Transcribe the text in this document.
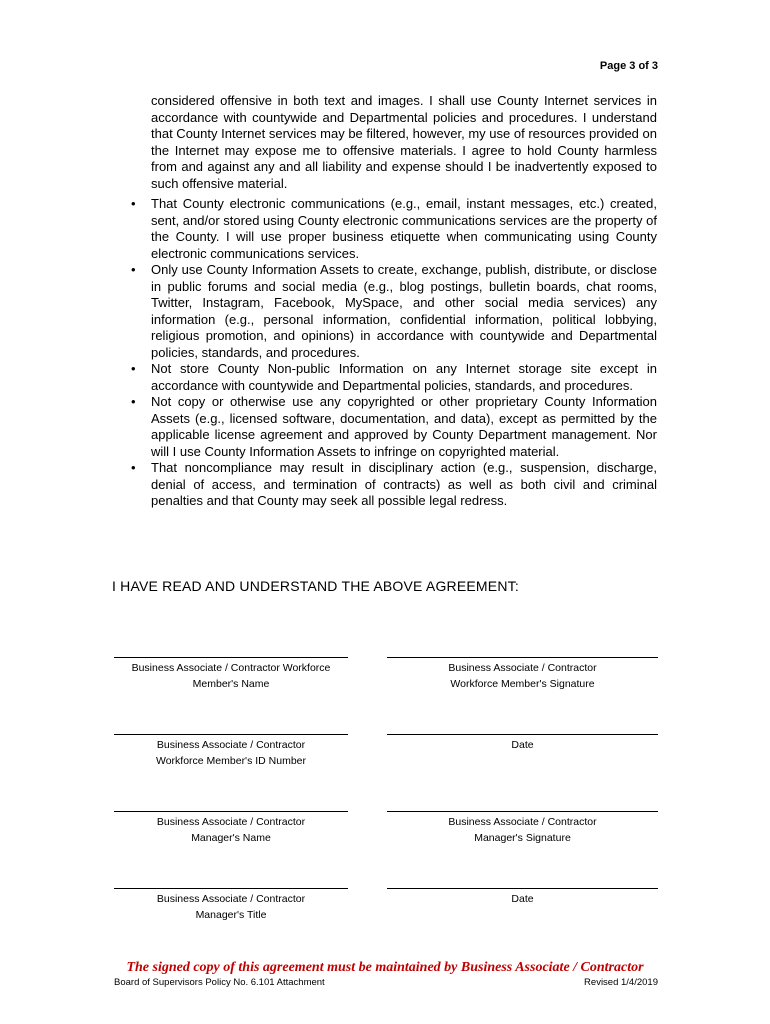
Page 3 of 3

considered offensive in both text and images. I shall use County Internet services in accordance with countywide and Departmental policies and procedures. I understand that County Internet services may be filtered, however, my use of resources provided on the Internet may expose me to offensive materials. I agree to hold County harmless from and against any and all liability and expense should I be inadvertently exposed to such offensive material.

• That County electronic communications (e.g., email, instant messages, etc.) created, sent, and/or stored using County electronic communications services are the property of the County. I will use proper business etiquette when communicating using County electronic communications services.
• Only use County Information Assets to create, exchange, publish, distribute, or disclose in public forums and social media (e.g., blog postings, bulletin boards, chat rooms, Twitter, Instagram, Facebook, MySpace, and other social media services) any information (e.g., personal information, confidential information, political lobbying, religious promotion, and opinions) in accordance with countywide and Departmental policies, standards, and procedures.
• Not store County Non-public Information on any Internet storage site except in accordance with countywide and Departmental policies, standards, and procedures.
• Not copy or otherwise use any copyrighted or other proprietary County Information Assets (e.g., licensed software, documentation, and data), except as permitted by the applicable license agreement and approved by County Department management. Nor will I use County Information Assets to infringe on copyrighted material.
• That noncompliance may result in disciplinary action (e.g., suspension, discharge, denial of access, and termination of contracts) as well as both civil and criminal penalties and that County may seek all possible legal redress.
I HAVE READ AND UNDERSTAND THE ABOVE AGREEMENT:
Business Associate / Contractor Workforce
Member's Name
Business Associate / Contractor
Workforce Member's Signature
Business Associate / Contractor
Workforce Member's ID Number
Date
Business Associate / Contractor
Manager's Name
Business Associate / Contractor
Manager's Signature
Business Associate / Contractor
Manager's Title
Date
The signed copy of this agreement must be maintained by Business Associate / Contractor
Board of Supervisors Policy No. 6.101 Attachment	Revised 1/4/2019
